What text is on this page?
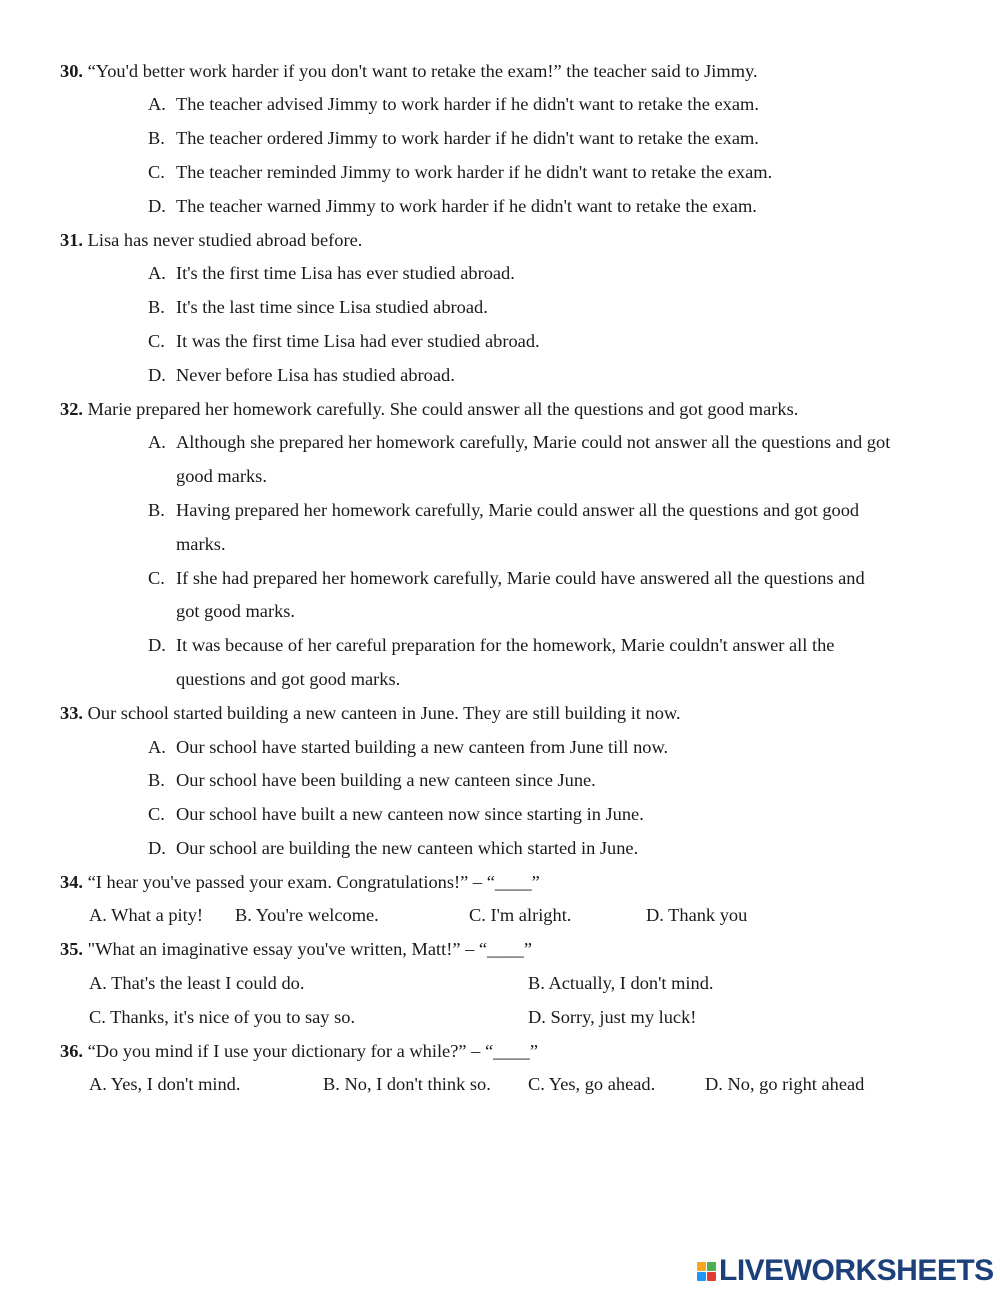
30. “You'd better work harder if you don't want to retake the exam!” the teacher said to Jimmy.
A. The teacher advised Jimmy to work harder if he didn't want to retake the exam.
B. The teacher ordered Jimmy to work harder if he didn't want to retake the exam.
C. The teacher reminded Jimmy to work harder if he didn't want to retake the exam.
D. The teacher warned Jimmy to work harder if he didn't want to retake the exam.
31. Lisa has never studied abroad before.
A. It's the first time Lisa has ever studied abroad.
B. It's the last time since Lisa studied abroad.
C. It was the first time Lisa had ever studied abroad.
D. Never before Lisa has studied abroad.
32. Marie prepared her homework carefully. She could answer all the questions and got good marks.
A. Although she prepared her homework carefully, Marie could not answer all the questions and got
good marks.
B. Having prepared her homework carefully, Marie could answer all the questions and got good
marks.
C. If she had prepared her homework carefully, Marie could have answered all the questions and
got good marks.
D. It was because of her careful preparation for the homework, Marie couldn't answer all the
questions and got good marks.
33. Our school started building a new canteen in June. They are still building it now.
A. Our school have started building a new canteen from June till now.
B. Our school have been building a new canteen since June.
C. Our school have built a new canteen now since starting in June.
D. Our school are building the new canteen which started in June.
34. “I hear you've passed your exam. Congratulations!” – “____”
A. What a pity! B. You're welcome.	C. I'm alright.	D. Thank you
35. "What an imaginative essay you've written, Matt!” – “____”
A. That's the least I could do.	B. Actually, I don't mind.
C. Thanks, it's nice of you to say so.	D. Sorry, just my luck!
36. “Do you mind if I use your dictionary for a while?” – “____”
A. Yes, I don't mind.	B. No, I don't think so. C. Yes, go ahead.	D. No, go right ahead
LIVEWORKSHEETS
